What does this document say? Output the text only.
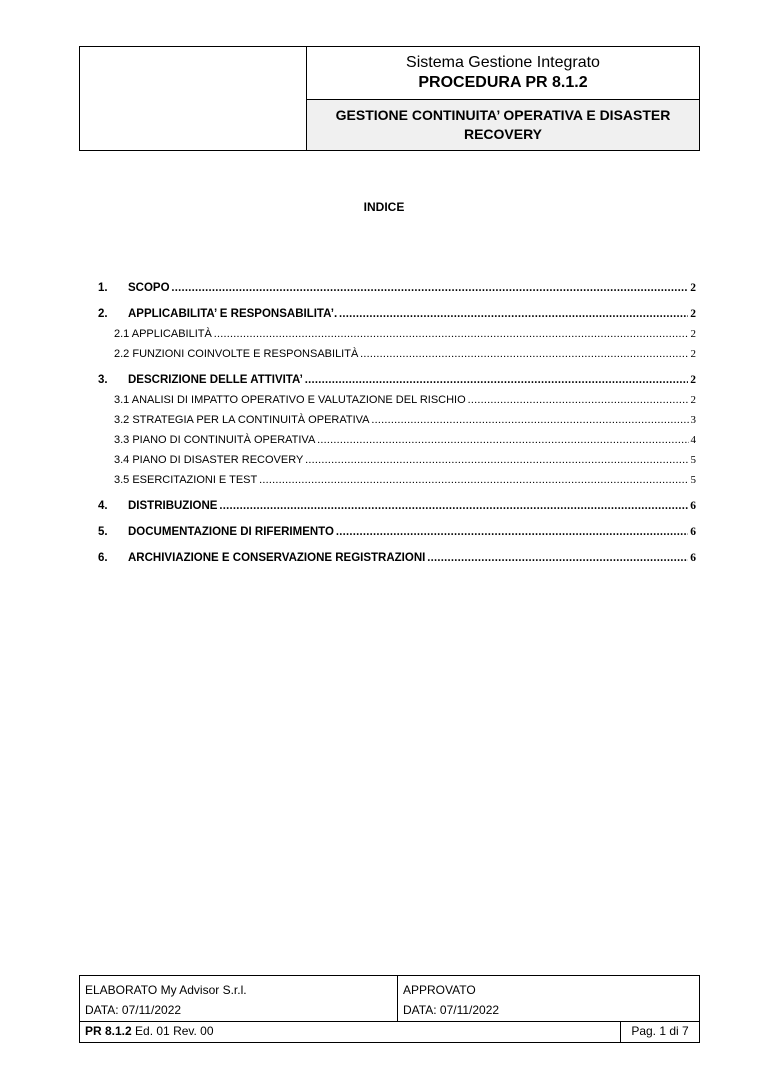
Sistema Gestione Integrato
PROCEDURA PR 8.1.2
GESTIONE CONTINUITA’ OPERATIVA E DISASTER RECOVERY
INDICE
1.	SCOPO .....	2
2.	APPLICABILITA’ E RESPONSABILITA’. .....	2
2.1 APPLICABILITÀ .....	2
2.2 FUNZIONI COINVOLTE E RESPONSABILITÀ .....	2
3.	DESCRIZIONE DELLE ATTIVITA’ .....	2
3.1 ANALISI DI IMPATTO OPERATIVO E VALUTAZIONE DEL RISCHIO .....	2
3.2 STRATEGIA PER LA CONTINUITÀ OPERATIVA .....	3
3.3 PIANO DI CONTINUITÀ OPERATIVA .....	4
3.4 PIANO DI DISASTER RECOVERY .....	5
3.5 ESERCITAZIONI E TEST .....	5
4.	DISTRIBUZIONE .....	6
5.	DOCUMENTAZIONE DI RIFERIMENTO .....	6
6.	ARCHIVIAZIONE E CONSERVAZIONE REGISTRAZIONI .....	6
ELABORATO My Advisor S.r.l.
DATA: 07/11/2022
APPROVATO
DATA: 07/11/2022
PR 8.1.2 Ed. 01 Rev. 00	Pag. 1 di 7
